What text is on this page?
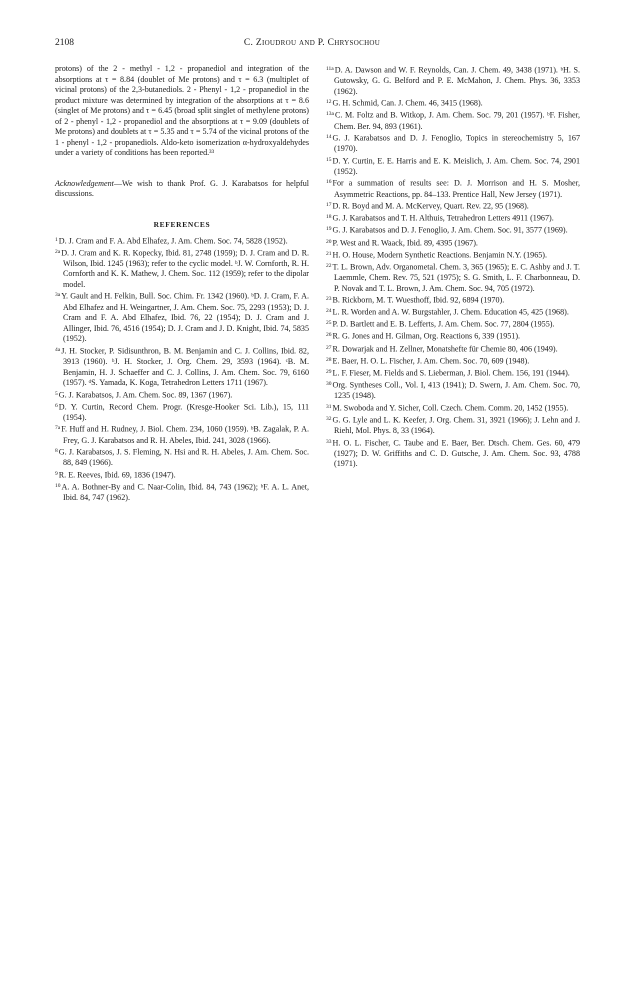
2108	C. Zioudrou and P. Chrysochou

protons) of the 2 - methyl - 1,2 - propanediol and integration of the absorptions at τ = 8.84 (doublet of Me protons) and τ = 6.3 (multiplet of vicinal protons) of the 2,3-butanediols. 2 - Phenyl - 1,2 - propanediol in the product mixture was determined by integration of the absorptions at τ = 8.6 (singlet of Me protons) and τ = 6.45 (broad split singlet of methylene protons) of 2 - phenyl - 1,2 - propanediol and the absorptions at τ = 9.09 (doublets of Me protons) and doublets at τ = 5.35 and τ = 5.74 of the vicinal protons of the 1 - phenyl - 1,2 - propanediols. Aldo-keto isomerization α-hydroxyaldehydes under a variety of conditions has been reported.³³

Acknowledgement—We wish to thank Prof. G. J. Karabatsos for helpful discussions.

REFERENCES
$^1$D. J. Cram and F. A. Abd Elhafez, J. Am. Chem. Soc. 74, 5828 (1952).
$^{2a}$D. J. Cram and K. R. Kopecky, Ibid. 81, 2748 (1959); D. J. Cram and D. R. Wilson, Ibid. 1245 (1963); refer to the cyclic model. ᵇJ. W. Cornforth, R. H. Cornforth and K. K. Mathew, J. Chem. Soc. 112 (1959); refer to the dipolar model.
$^{3a}$Y. Gault and H. Felkin, Bull. Soc. Chim. Fr. 1342 (1960). ᵇD. J. Cram, F. A. Abd Elhafez and H. Weingartner, J. Am. Chem. Soc. 75, 2293 (1953); D. J. Cram and F. A. Abd Elhafez, Ibid. 76, 22 (1954); D. J. Cram and J. Allinger, Ibid. 76, 4516 (1954); D. J. Cram and J. D. Knight, Ibid. 74, 5835 (1952).
$^{4a}$J. H. Stocker, P. Sidisunthron, B. M. Benjamin and C. J. Collins, Ibid. 82, 3913 (1960). ᵇJ. H. Stocker, J. Org. Chem. 29, 3593 (1964). ᶜB. M. Benjamin, H. J. Schaeffer and C. J. Collins, J. Am. Chem. Soc. 79, 6160 (1957). ᵈS. Yamada, K. Koga, Tetrahedron Letters 1711 (1967).
$^5$G. J. Karabatsos, J. Am. Chem. Soc. 89, 1367 (1967).
$^6$D. Y. Curtin, Record Chem. Progr. (Kresge-Hooker Sci. Lib.), 15, 111 (1954).
$^{7a}$F. Huff and H. Rudney, J. Biol. Chem. 234, 1060 (1959). ᵇB. Zagalak, P. A. Frey, G. J. Karabatsos and R. H. Abeles, Ibid. 241, 3028 (1966).
$^8$G. J. Karabatsos, J. S. Fleming, N. Hsi and R. H. Abeles, J. Am. Chem. Soc. 88, 849 (1966).
$^9$R. E. Reeves, Ibid. 69, 1836 (1947).
$^{10}$A. A. Bothner-By and C. Naar-Colin, Ibid. 84, 743 (1962); ᵇF. A. L. Anet, Ibid. 84, 747 (1962).
$^{11a}$D. A. Dawson and W. F. Reynolds, Can. J. Chem. 49, 3438 (1971). ᵇH. S. Gutowsky, G. G. Belford and P. E. McMahon, J. Chem. Phys. 36, 3353 (1962).
$^{12}$G. H. Schmid, Can. J. Chem. 46, 3415 (1968).
$^{13a}$C. M. Foltz and B. Witkop, J. Am. Chem. Soc. 79, 201 (1957). ᵇF. Fisher, Chem. Ber. 94, 893 (1961).
$^{14}$G. J. Karabatsos and D. J. Fenoglio, Topics in stereochemistry 5, 167 (1970).
$^{15}$D. Y. Curtin, E. E. Harris and E. K. Meislich, J. Am. Chem. Soc. 74, 2901 (1952).
$^{16}$For a summation of results see: D. J. Morrison and H. S. Mosher, Asymmetric Reactions, pp. 84–133. Prentice Hall, New Jersey (1971).
$^{17}$D. R. Boyd and M. A. McKervey, Quart. Rev. 22, 95 (1968).
$^{18}$G. J. Karabatsos and T. H. Althuis, Tetrahedron Letters 4911 (1967).
$^{19}$G. J. Karabatsos and D. J. Fenoglio, J. Am. Chem. Soc. 91, 3577 (1969).
$^{20}$P. West and R. Waack, Ibid. 89, 4395 (1967).
$^{21}$H. O. House, Modern Synthetic Reactions. Benjamin N.Y. (1965).
$^{22}$T. L. Brown, Adv. Organometal. Chem. 3, 365 (1965); E. C. Ashby and J. T. Laemmle, Chem. Rev. 75, 521 (1975); S. G. Smith, L. F. Charbonneau, D. P. Novak and T. L. Brown, J. Am. Chem. Soc. 94, 705 (1972).
$^{23}$B. Rickborn, M. T. Wuesthoff, Ibid. 92, 6894 (1970).
$^{24}$L. R. Worden and A. W. Burgstahler, J. Chem. Education 45, 425 (1968).
$^{25}$P. D. Bartlett and E. B. Lefferts, J. Am. Chem. Soc. 77, 2804 (1955).
$^{26}$R. G. Jones and H. Gilman, Org. Reactions 6, 339 (1951).
$^{27}$R. Dowarjak and H. Zellner, Monatshefte für Chemie 80, 406 (1949).
$^{28}$E. Baer, H. O. L. Fischer, J. Am. Chem. Soc. 70, 609 (1948).
$^{29}$L. F. Fieser, M. Fields and S. Lieberman, J. Biol. Chem. 156, 191 (1944).
$^{30}$Org. Syntheses Coll., Vol. I, 413 (1941); D. Swern, J. Am. Chem. Soc. 70, 1235 (1948).
$^{31}$M. Swoboda and Y. Sicher, Coll. Czech. Chem. Comm. 20, 1452 (1955).
$^{32}$G. G. Lyle and L. K. Keefer, J. Org. Chem. 31, 3921 (1966); J. Lehn and J. Riehl, Mol. Phys. 8, 33 (1964).
$^{33}$H. O. L. Fischer, C. Taube and E. Baer, Ber. Dtsch. Chem. Ges. 60, 479 (1927); D. W. Griffiths and C. D. Gutsche, J. Am. Chem. Soc. 93, 4788 (1971).
